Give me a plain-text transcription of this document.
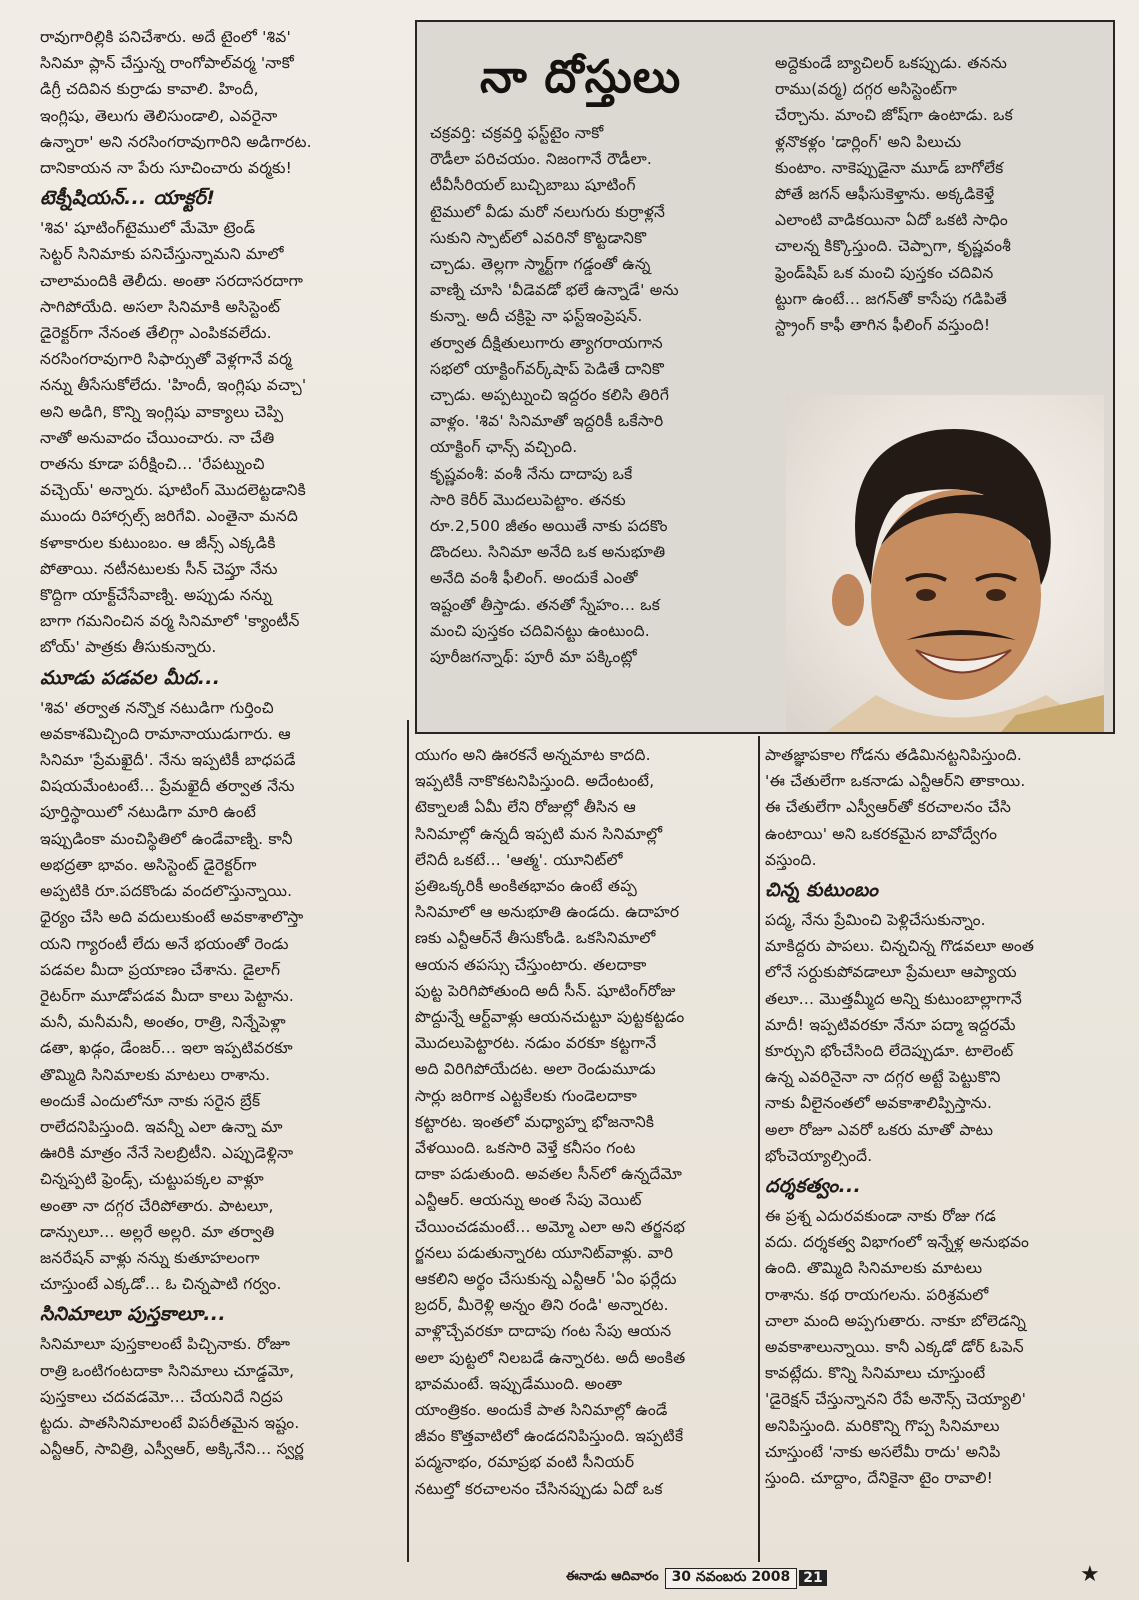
రావుగారిల్లికి పనిచేశారు. అదే టైంలో 'శివ'
సినిమా ప్లాన్ చేస్తున్న రాంగోపాల్‌వర్మ 'నాకో
డిగ్రీ చదివిన కుర్రాడు కావాలి. హిందీ,
ఇంగ్లిషు, తెలుగు తెలిసుండాలి, ఎవరైనా
ఉన్నారా' అని నరసింగరావుగారిని అడిగారట.
దానికాయన నా పేరు సూచించారు వర్మకు!

టెక్నీషియన్... యాక్టర్!

'శివ' షూటింగ్‌టైములో మేమో ట్రెండ్
సెట్టర్ సినిమాకు పనిచేస్తున్నామని మాలో
చాలామందికి తెలీదు. అంతా సరదాసరదాగా
సాగిపోయేది. అసలా సినిమాకి అసిస్టెంట్
డైరెక్టర్‌గా నేనంత తేలిగ్గా ఎంపికవలేదు.
నరసింగరావుగారి సిఫార్సుతో వెళ్లగానే వర్మ
నన్ను తీసేసుకోలేదు. 'హిందీ, ఇంగ్లిషు వచ్చా'
అని అడిగి, కొన్ని ఇంగ్లిషు వాక్యాలు చెప్పి
నాతో అనువాదం చేయించారు. నా చేతి
రాతను కూడా పరీక్షించి... 'రేపట్నుంచి
వచ్చెయ్' అన్నారు. షూటింగ్ మొదలెట్టడానికి
ముందు రిహార్సల్స్ జరిగేవి. ఎంతైనా మనది
కళాకారుల కుటుంబం. ఆ జీన్స్ ఎక్కడికి
పోతాయి. నటీనటులకు సీన్ చెప్తూ నేను
కొద్దిగా యాక్ట్‌చేసేవాణ్ని. అప్పుడు నన్ను
బాగా గమనించిన వర్మ సినిమాలో 'క్యాంటీన్
బోయ్' పాత్రకు తీసుకున్నారు.

మూడు పడవల మీద...

'శివ' తర్వాత నన్నొక నటుడిగా గుర్తించి
అవకాశమిచ్చింది రామానాయుడుగారు. ఆ
సినిమా 'ప్రేమఖైదీ'. నేను ఇప్పటికీ బాధపడే
విషయమేంటంటే... ప్రేమఖైదీ తర్వాత నేను
పూర్తిస్థాయిలో నటుడిగా మారి ఉంటే
ఇప్పుడింకా మంచిస్థితిలో ఉండేవాణ్ని. కానీ
అభద్రతా భావం. అసిస్టెంట్ డైరెక్టర్‌గా
అప్పటికి రూ.పదకొండు వందలొస్తున్నాయి.
ధైర్యం చేసి అది వదులుకుంటే అవకాశాలొస్తా
యని గ్యారంటీ లేదు అనే భయంతో రెండు
పడవల మీదా ప్రయాణం చేశాను. డైలాగ్
రైటర్‌గా మూడోపడవ మీదా కాలు పెట్టాను.
మనీ, మనీమనీ, అంతం, రాత్రి, నిన్నేపెళ్లా
డతా, ఖడ్గం, డేంజర్... ఇలా ఇప్పటివరకూ
తొమ్మిది సినిమాలకు మాటలు రాశాను.
అందుకే ఎందులోనూ నాకు సరైన బ్రేక్
రాలేదనిపిస్తుంది. ఇవన్నీ ఎలా ఉన్నా మా
ఊరికి మాత్రం నేనే సెలబ్రిటీని. ఎప్పుడెళ్లినా
చిన్నప్పటి ఫ్రెండ్స్, చుట్టుపక్కల వాళ్లూ
అంతా నా దగ్గర చేరిపోతారు. పాటలూ,
డాన్సులూ... అల్లరే అల్లరి. మా తర్వాతి
జనరేషన్ వాళ్లు నన్ను కుతూహలంగా
చూస్తుంటే ఎక్కడో... ఓ చిన్నపాటి గర్వం.

సినిమాలూ పుస్తకాలూ...

సినిమాలూ పుస్తకాలంటే పిచ్చినాకు. రోజూ
రాత్రి ఒంటిగంటదాకా సినిమాలు చూడ్డమో,
పుస్తకాలు చదవడమో... చేయనిదే నిద్రప
ట్టదు. పాతసినిమాలంటే విపరీతమైన ఇష్టం.
ఎన్టీఆర్, సావిత్రి, ఎస్వీఆర్, అక్కినేని... స్వర్ణ

నా దోస్తులు

చక్రవర్తి: చక్రవర్తి ఫస్ట్‌టైం నాకో
రౌడీలా పరిచయం. నిజంగానే రౌడీలా.
టీవీసీరియల్ బుచ్చిబాబు షూటింగ్
టైములో వీడు మరో నలుగురు కుర్రాళ్లనే
సుకుని స్పాట్‌లో ఎవరినో కొట్టడానికొ
చ్చాడు. తెల్లగా స్మార్ట్‌గా గడ్డంతో ఉన్న
వాణ్ని చూసి 'వీడెవడో భలే ఉన్నాడే' అను
కున్నా. అదీ చక్రిపై నా ఫస్ట్‌ఇంప్రెషన్.
తర్వాత దీక్షితులుగారు త్యాగరాయగాన
సభలో యాక్టింగ్‌వర్క్‌షాప్ పెడితే దానికొ
చ్చాడు. అప్పట్నుంచి ఇద్దరం కలిసి తిరిగే
వాళ్లం. 'శివ' సినిమాతో ఇద్దరికీ ఒకేసారి
యాక్టింగ్ ఛాన్స్ వచ్చింది.

కృష్ణవంశీ: వంశీ నేను దాదాపు ఒకే
సారి కెరీర్ మొదలుపెట్టాం. తనకు
రూ.2,500 జీతం అయితే నాకు పదకొం
డొందలు. సినిమా అనేది ఒక అనుభూతి
అనేది వంశీ ఫీలింగ్. అందుకే ఎంతో
ఇష్టంతో తీస్తాడు. తనతో స్నేహం... ఒక
మంచి పుస్తకం చదివినట్టు ఉంటుంది.

పూరీజగన్నాథ్: పూరీ మా పక్కింట్లో

అద్దెకుండే బ్యాచిలర్ ఒకప్పుడు. తనను
రాము(వర్మ) దగ్గర అసిస్టెంట్‌గా
చేర్చాను. మాంచి జోష్‌గా ఉంటాడు. ఒక
ళ్లనొకళ్లం 'డార్లింగ్' అని పిలుచు
కుంటాం. నాకెప్పుడైనా మూడ్ బాగోలేక
పోతే జగన్ ఆఫీసుకెళ్తాను. అక్కడికెళ్తే
ఎలాంటి వాడికయినా ఏదో ఒకటి సాధిం
చాలన్న కిక్కొస్తుంది. చెప్పాగా, కృష్ణవంశీ
ఫ్రెండ్‌షిప్ ఒక మంచి పుస్తకం చదివిన
ట్టుగా ఉంటే... జగన్‌తో కాసేపు గడిపితే
స్ట్రాంగ్ కాఫీ తాగిన ఫీలింగ్ వస్తుంది!

యుగం అని ఊరకనే అన్నమాట కాదది.
ఇప్పటికీ నాకొకటనిపిస్తుంది. అదేంటంటే,
టెక్నాలజీ ఏమీ లేని రోజుల్లో తీసిన ఆ
సినిమాల్లో ఉన్నదీ ఇప్పటి మన సినిమాల్లో
లేనిదీ ఒకటే... 'ఆత్మ'. యూనిట్‌లో
ప్రతిఒక్కరికీ అంకితభావం ఉంటే తప్ప
సినిమాలో ఆ అనుభూతి ఉండదు. ఉదాహర
ణకు ఎన్టీఆర్‌నే తీసుకోండి. ఒకసినిమాలో
ఆయన తపస్సు చేస్తుంటారు. తలదాకా
పుట్ట పెరిగిపోతుంది అదీ సీన్. షూటింగ్‌రోజు
పొద్దున్నే ఆర్ట్‌వాళ్లు ఆయనచుట్టూ పుట్టకట్టడం
మొదలుపెట్టారట. నడుం వరకూ కట్టగానే
అది విరిగిపోయేదట. అలా రెండుమూడు
సార్లు జరిగాక ఎట్టకేలకు గుండెలదాకా
కట్టారట. ఇంతలో మధ్యాహ్న భోజనానికి
వేళయింది. ఒకసారి వెళ్తే కనీసం గంట
దాకా పడుతుంది. అవతల సీన్‌లో ఉన్నదేమో
ఎన్టీఆర్. ఆయన్ను అంత సేపు వెయిట్
చేయించడమంటే... అమ్మో ఎలా అని తర్జనభ
ర్జనలు పడుతున్నారట యూనిట్‌వాళ్లు. వారి
ఆకలిని అర్థం చేసుకున్న ఎన్టీఆర్ 'ఏం ఫర్లేదు
బ్రదర్, మీరెళ్లి అన్నం తిని రండి' అన్నారట.
వాళ్లొచ్చేవరకూ దాదాపు గంట సేపు ఆయన
అలా పుట్టలో నిలబడే ఉన్నారట. అదీ అంకిత
భావమంటే. ఇప్పుడేముంది. అంతా
యాంత్రికం. అందుకే పాత సినిమాల్లో ఉండే
జీవం కొత్తవాటిలో ఉండదనిపిస్తుంది. ఇప్పటికే
పద్మనాభం, రమాప్రభ వంటి సీనియర్
నటుల్తో కరచాలనం చేసినప్పుడు ఏదో ఒక

పాతజ్ఞాపకాల గోడను తడిమినట్టనిపిస్తుంది.
'ఈ చేతులేగా ఒకనాడు ఎన్టీఆర్‌ని తాకాయి.
ఈ చేతులేగా ఎస్వీఆర్‌తో కరచాలనం చేసి
ఉంటాయి' అని ఒకరకమైన బావోద్వేగం
వస్తుంది.

చిన్న కుటుంబం

పద్మ, నేను ప్రేమించి పెళ్లిచేసుకున్నాం.
మాకిద్దరు పాపలు. చిన్నచిన్న గొడవలూ అంత
లోనే సర్దుకుపోవడాలూ ప్రేమలూ ఆప్యాయ
తలూ... మొత్తమ్మీద అన్ని కుటుంబాల్లాగానే
మాదీ! ఇప్పటివరకూ నేనూ పద్మా ఇద్దరమే
కూర్చుని భోంచేసింది లేదెప్పుడూ. టాలెంట్
ఉన్న ఎవరినైనా నా దగ్గర అట్టే పెట్టుకొని
నాకు వీలైనంతలో అవకాశాలిప్పిస్తాను.
అలా రోజూ ఎవరో ఒకరు మాతో పాటు
భోంచెయ్యాల్సిందే.

దర్శకత్వం...

ఈ ప్రశ్న ఎదురవకుండా నాకు రోజు గడ
వదు. దర్శకత్వ విభాగంలో ఇన్నేళ్ల అనుభవం
ఉంది. తొమ్మిది సినిమాలకు మాటలు
రాశాను. కథ రాయగలను. పరిశ్రమలో
చాలా మంది అప్పగుతారు. నాకూ బోలెడన్ని
అవకాశాలున్నాయి. కానీ ఎక్కడో డోర్ ఓపెన్
కావట్లేదు. కొన్ని సినిమాలు చూస్తుంటే
'డైరెక్షన్ చేస్తున్నానని రేపే అనౌన్స్ చెయ్యాలి'
అనిపిస్తుంది. మరికొన్ని గొప్ప సినిమాలు
చూస్తుంటే 'నాకు అసలేమీ రాదు' అనిపి
స్తుంది. చూద్దాం, దేనికైనా టైం రావాలి!

ఈనాడు ఆదివారం 30 నవంబరు 2008 21	★
